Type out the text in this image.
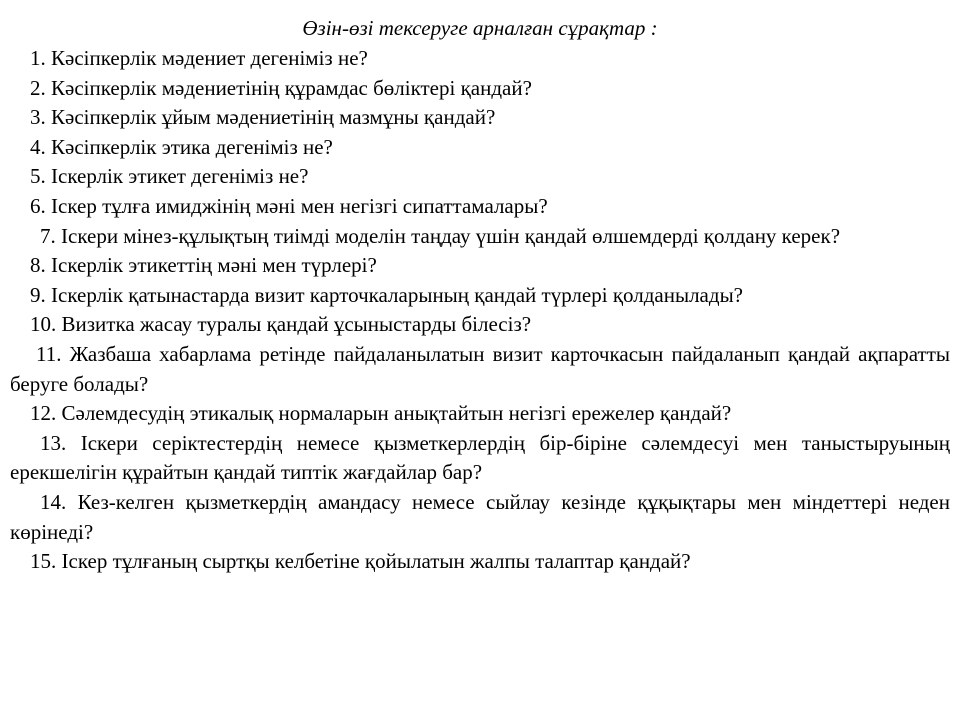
Өзін-өзі тексеруге арналған сұрақтар :

1. Кәсіпкерлік мәдениет дегеніміз не?

2. Кәсіпкерлік мәдениетінің құрамдас бөліктері қандай?

3. Кәсіпкерлік ұйым мәдениетінің мазмұны қандай?

4. Кәсіпкерлік этика дегеніміз не?

5. Іскерлік этикет дегеніміз не?

6. Іскер тұлға имиджінің мәні мен негізгі сипаттамалары?

7. Іскери мінез-құлықтың тиімді моделін таңдау үшін қандай өлшемдерді қолдану керек?

8. Іскерлік этикеттің мәні мен түрлері?

9. Іскерлік қатынастарда визит карточкаларының қандай түрлері қолданылады?

10. Визитка жасау туралы қандай ұсыныстарды білесіз?

11. Жазбаша хабарлама ретінде пайдаланылатын визит карточкасын пайдаланып қандай ақпаратты беруге болады?

12. Сәлемдесудің этикалық нормаларын анықтайтын негізгі ережелер қандай?

13. Іскери серіктестердің немесе қызметкерлердің бір-біріне сәлемдесуі мен таныстыруының ерекшелігін құрайтын қандай типтік жағдайлар бар?

14. Кез-келген қызметкердің амандасу немесе сыйлау кезінде құқықтары мен міндеттері неден көрінеді?

15. Іскер тұлғаның сыртқы келбетіне қойылатын жалпы талаптар қандай?
